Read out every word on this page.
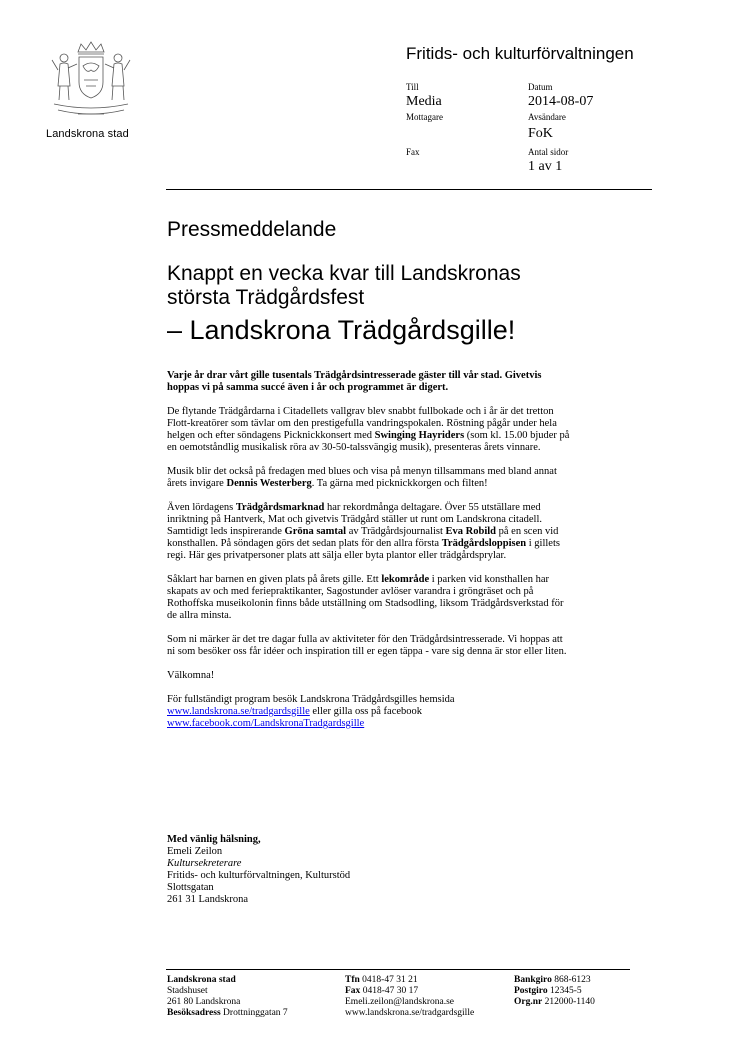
Landskrona stad
Fritids- och kulturförvaltningen
Till
Media
Mottagare
Fax
Datum
2014-08-07
Avsändare
FoK
Antal sidor
1 av 1
Pressmeddelande
Knappt en vecka kvar till Landskronas
största Trädgårdsfest
– Landskrona Trädgårdsgille!

Varje år drar vårt gille tusentals Trädgårdsintresserade gäster till vår stad. Givetvis
hoppas vi på samma succé även i år och programmet är digert.

De flytande Trädgårdarna i Citadellets vallgrav blev snabbt fullbokade och i år är det tretton
Flott-kreatörer som tävlar om den prestigefulla vandringspokalen. Röstning pågår under hela
helgen och efter söndagens Picknickkonsert med Swinging Hayriders (som kl. 15.00 bjuder på
en oemotståndlig musikalisk röra av 30-50-talssvängig musik), presenteras årets vinnare.

Musik blir det också på fredagen med blues och visa på menyn tillsammans med bland annat
årets invigare Dennis Westerberg. Ta gärna med picknickkorgen och filten!

Även lördagens Trädgårdsmarknad har rekordmånga deltagare. Över 55 utställare med
inriktning på Hantverk, Mat och givetvis Trädgård ställer ut runt om Landskrona citadell.
Samtidigt leds inspirerande Gröna samtal av Trädgårdsjournalist Eva Robild på en scen vid
konsthallen. På söndagen görs det sedan plats för den allra första Trädgårdsloppisen i gillets
regi. Här ges privatpersoner plats att sälja eller byta plantor eller trädgårdsprylar.

Såklart har barnen en given plats på årets gille. Ett lekområde i parken vid konsthallen har
skapats av och med feriepraktikanter, Sagostunder avlöser varandra i gröngräset och på
Rothoffska museikolonin finns både utställning om Stadsodling, liksom Trädgårdsverkstad för
de allra minsta.

Som ni märker är det tre dagar fulla av aktiviteter för den Trädgårdsintresserade. Vi hoppas att
ni som besöker oss får idéer och inspiration till er egen täppa - vare sig denna är stor eller liten.

Välkomna!

För fullständigt program besök Landskrona Trädgårdsgilles hemsida
www.landskrona.se/tradgardsgille eller gilla oss på facebook
www.facebook.com/LandskronaTradgardsgille

Med vänlig hälsning,
Emeli Zeilon
Kultursekreterare
Fritids- och kulturförvaltningen, Kulturstöd
Slottsgatan
261 31 Landskrona
Landskrona stad
Stadshuset
261 80 Landskrona
Besöksadress Drottninggatan 7
Tfn 0418-47 31 21
Fax 0418-47 30 17
Emeli.zeilon@landskrona.se
www.landskrona.se/tradgardsgille
Bankgiro 868-6123
Postgiro 12345-5
Org.nr 212000-1140
